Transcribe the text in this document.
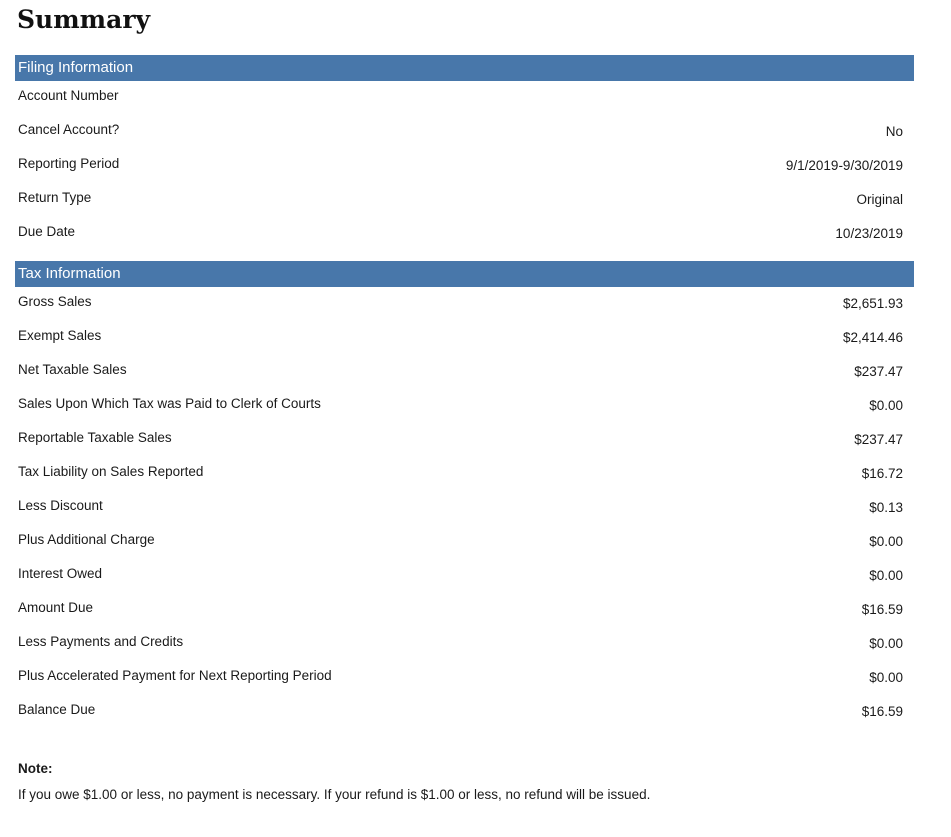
Summary
Filing Information
Account Number
Cancel Account?	No
Reporting Period	9/1/2019-9/30/2019
Return Type	Original
Due Date	10/23/2019
Tax Information
Gross Sales	$2,651.93
Exempt Sales	$2,414.46
Net Taxable Sales	$237.47
Sales Upon Which Tax was Paid to Clerk of Courts	$0.00
Reportable Taxable Sales	$237.47
Tax Liability on Sales Reported	$16.72
Less Discount	$0.13
Plus Additional Charge	$0.00
Interest Owed	$0.00
Amount Due	$16.59
Less Payments and Credits	$0.00
Plus Accelerated Payment for Next Reporting Period	$0.00
Balance Due	$16.59
Note:
If you owe $1.00 or less, no payment is necessary. If your refund is $1.00 or less, no refund will be issued.
